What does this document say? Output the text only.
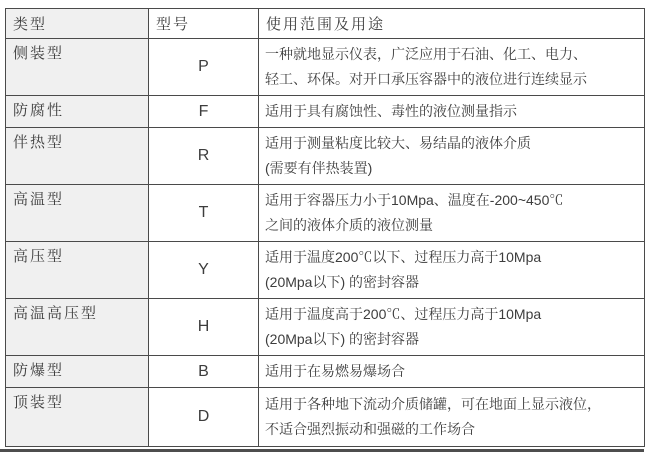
类型	型号	使用范围及用途
侧装型	P	一种就地显示仪表，广泛应用于石油、化工、电力、
轻工、环保。对开口承压容器中的液位进行连续显示

防腐性	F	适用于具有腐蚀性、毒性的液位测量指示

伴热型	R	适用于测量粘度比较大、易结晶的液体介质
(需要有伴热装置)

高温型	T	适用于容器压力小于10Mpa、温度在-200~450℃
之间的液体介质的液位测量

高压型	Y	适用于温度200℃以下、过程压力高于10Mpa
(20Mpa以下) 的密封容器

高温高压型	H	适用于温度高于200℃、过程压力高于10Mpa
(20Mpa以下) 的密封容器

防爆型	B	适用于在易燃易爆场合

顶装型	D	适用于各种地下流动介质储罐，可在地面上显示液位，
不适合强烈振动和强磁的工作场合
